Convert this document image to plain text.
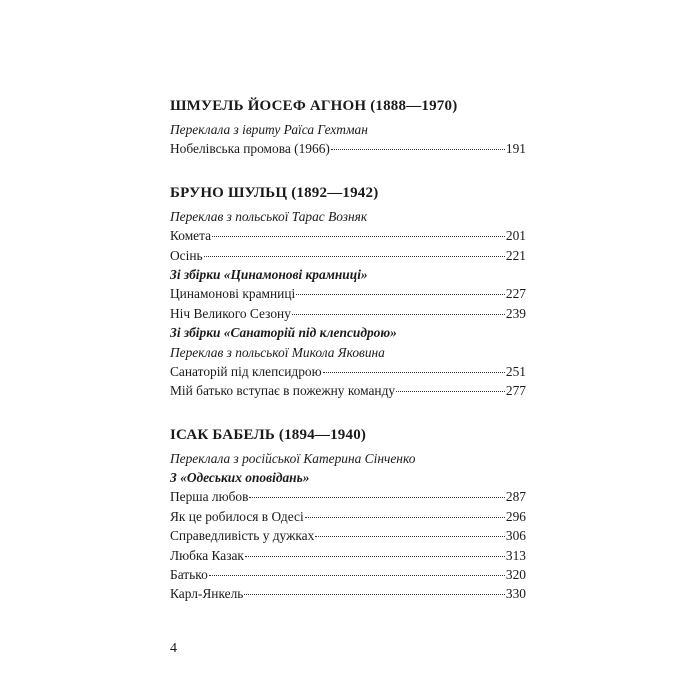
ШМУЕЛЬ ЙОСЕФ АГНОН (1888—1970)
Переклала з івриту Раїса Гехтман
Нобелівська промова (1966)	191
БРУНО ШУЛЬЦ (1892—1942)
Переклав з польської Тарас Возняк
Комета	201
Осінь	221
Зі збірки «Цинамонові крамниці»
Цинамонові крамниці	227
Ніч Великого Сезону	239
Зі збірки «Санаторій під клепсидрою»
Переклав з польської Микола Яковина
Санаторій під клепсидрою	251
Мій батько вступає в пожежну команду	277
ІСАК БАБЕЛЬ (1894—1940)
Переклала з російської Катерина Сінченко
З «Одеських оповідань»
Перша любов	287
Як це робилося в Одесі	296
Справедливість у дужках	306
Любка Казак	313
Батько	320
Карл-Янкель	330
4
